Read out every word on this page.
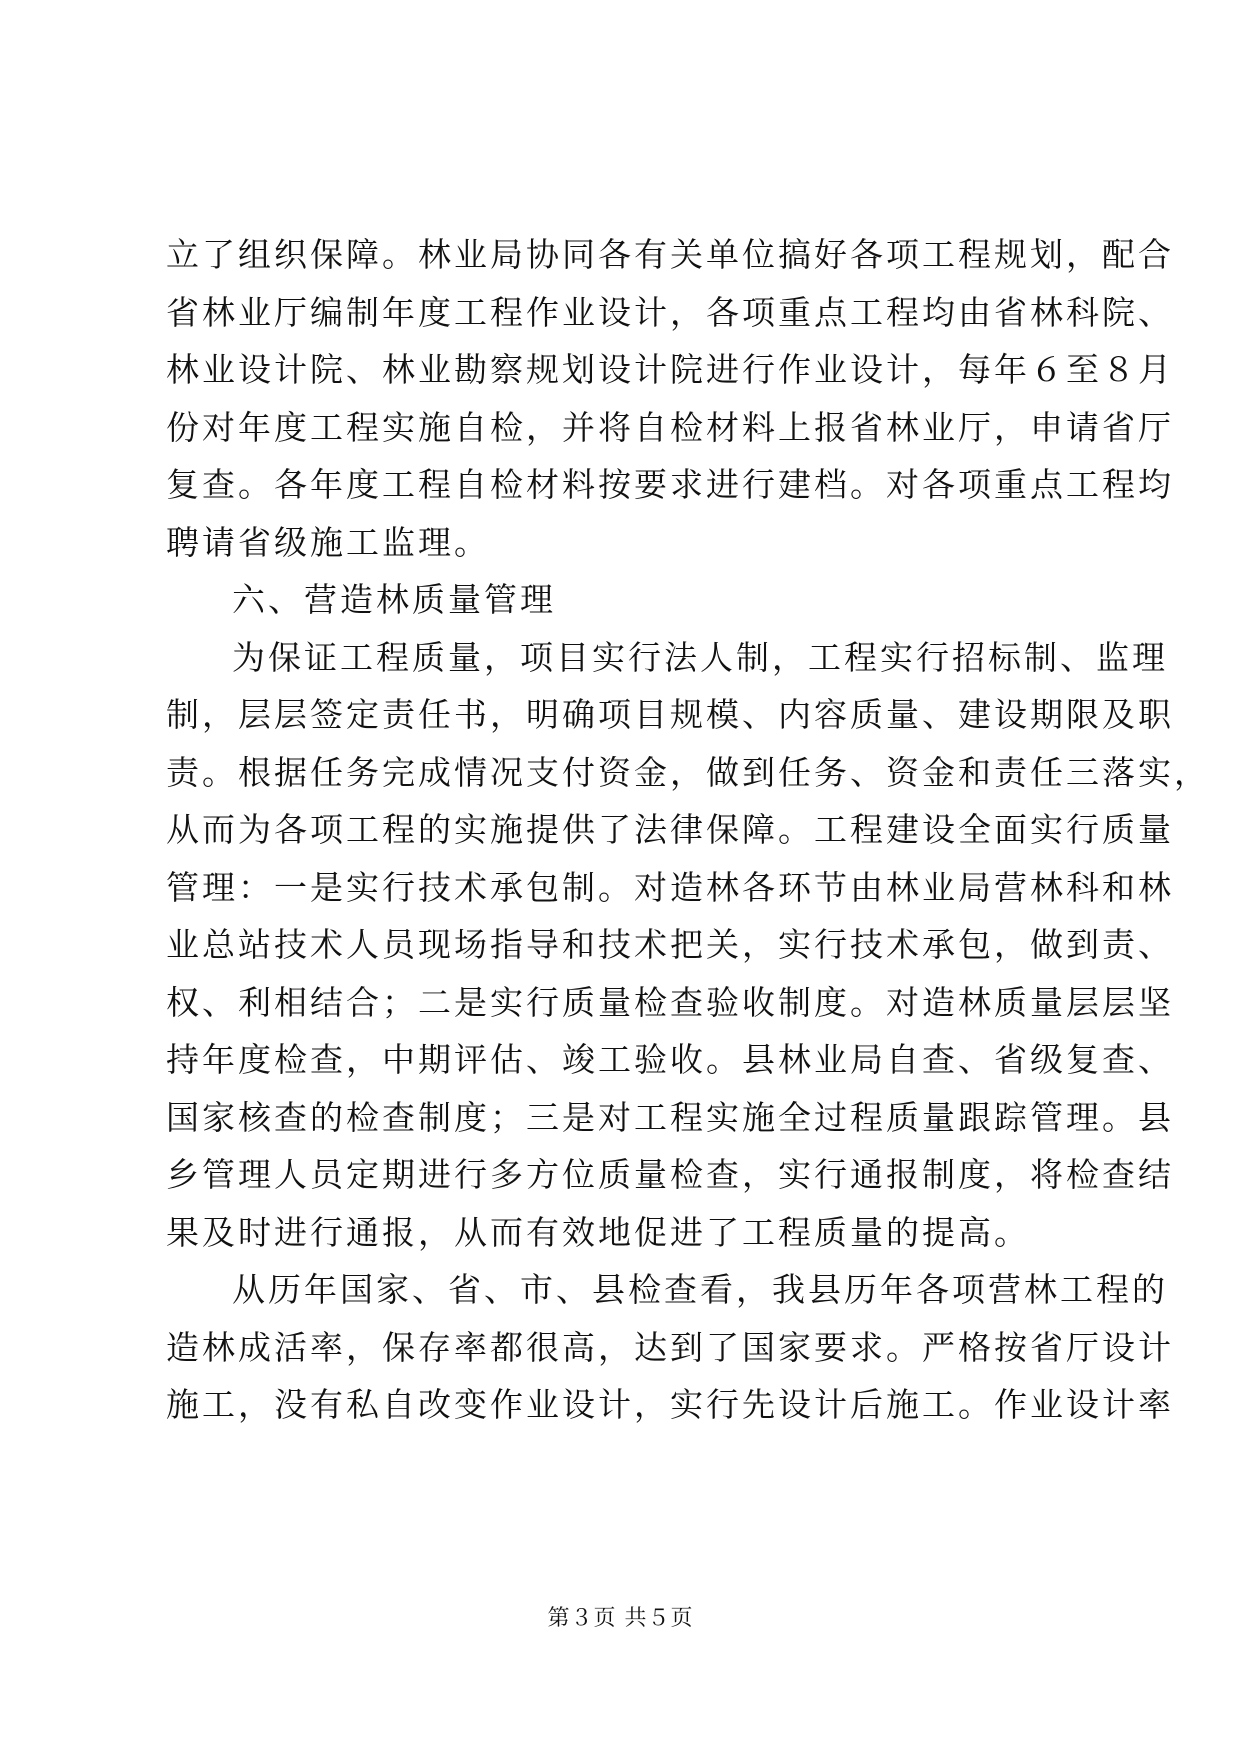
立了组织保障。林业局协同各有关单位搞好各项工程规划，配合
省林业厅编制年度工程作业设计，各项重点工程均由省林科院、
林业设计院、林业勘察规划设计院进行作业设计，每年６至８月
份对年度工程实施自检，并将自检材料上报省林业厅，申请省厅
复查。各年度工程自检材料按要求进行建档。对各项重点工程均
聘请省级施工监理。

六、营造林质量管理

为保证工程质量，项目实行法人制，工程实行招标制、监理
制，层层签定责任书，明确项目规模、内容质量、建设期限及职
责。根据任务完成情况支付资金，做到任务、资金和责任三落实，
从而为各项工程的实施提供了法律保障。工程建设全面实行质量
管理：一是实行技术承包制。对造林各环节由林业局营林科和林
业总站技术人员现场指导和技术把关，实行技术承包，做到责、
权、利相结合；二是实行质量检查验收制度。对造林质量层层坚
持年度检查，中期评估、竣工验收。县林业局自查、省级复查、
国家核查的检查制度；三是对工程实施全过程质量跟踪管理。县
乡管理人员定期进行多方位质量检查，实行通报制度，将检查结
果及时进行通报，从而有效地促进了工程质量的提高。

从历年国家、省、市、县检查看，我县历年各项营林工程的
造林成活率，保存率都很高，达到了国家要求。严格按省厅设计
施工，没有私自改变作业设计，实行先设计后施工。作业设计率

第３页 共５页
